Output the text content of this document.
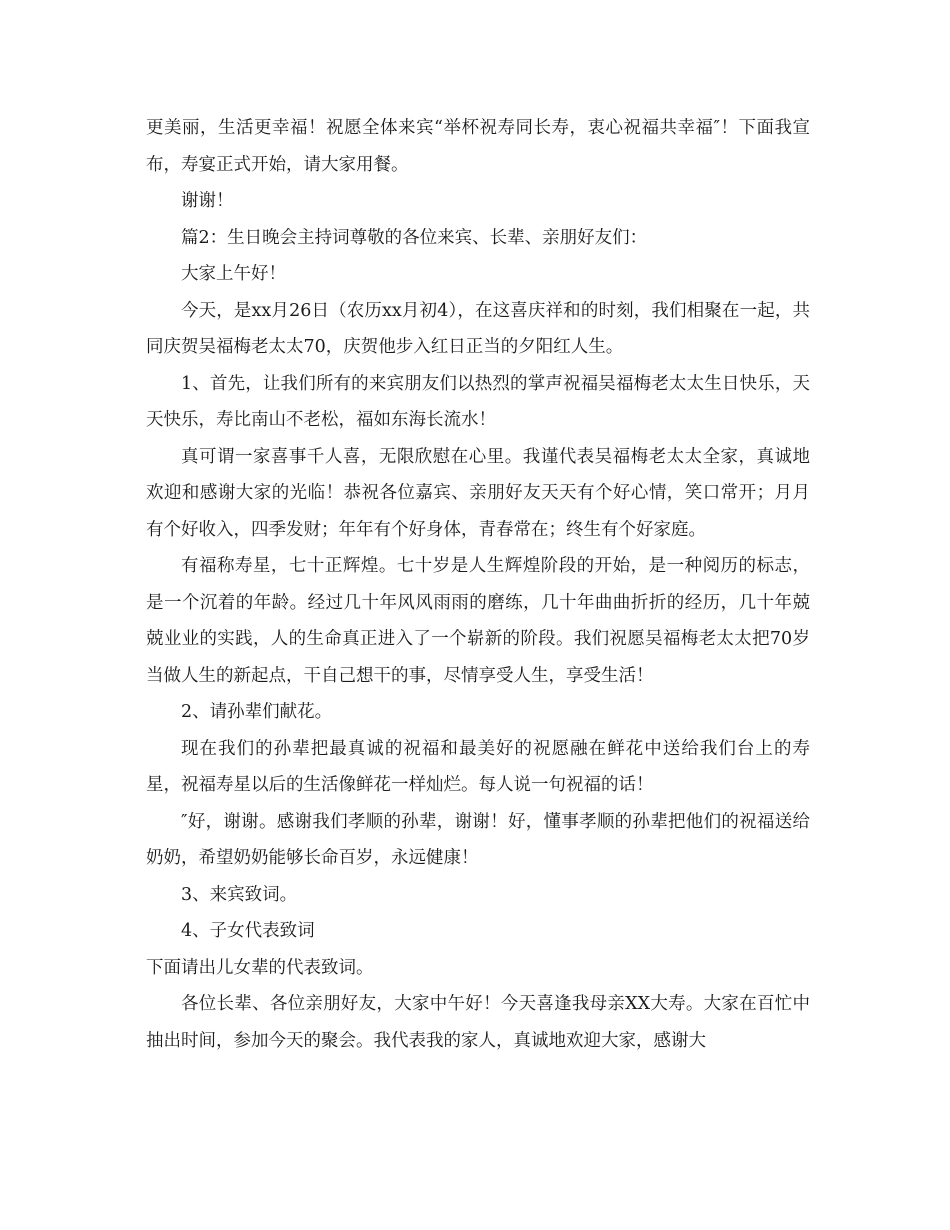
更美丽，生活更幸福！祝愿全体来宾“举杯祝寿同长寿，衷心祝福共幸福″！下面我宣布，寿宴正式开始，请大家用餐。

谢谢！

篇2：生日晚会主持词尊敬的各位来宾、长辈、亲朋好友们：

大家上午好！

今天，是xx月26日（农历xx月初4），在这喜庆祥和的时刻，我们相聚在一起，共同庆贺吴福梅老太太70，庆贺他步入红日正当的夕阳红人生。

1、首先，让我们所有的来宾朋友们以热烈的掌声祝福吴福梅老太太生日快乐，天天快乐，寿比南山不老松，福如东海长流水！

真可谓一家喜事千人喜，无限欣慰在心里。我谨代表吴福梅老太太全家，真诚地欢迎和感谢大家的光临！恭祝各位嘉宾、亲朋好友天天有个好心情，笑口常开；月月有个好收入，四季发财；年年有个好身体，青春常在；终生有个好家庭。

有福称寿星，七十正辉煌。七十岁是人生辉煌阶段的开始，是一种阅历的标志，是一个沉着的年龄。经过几十年风风雨雨的磨练，几十年曲曲折折的经历，几十年兢兢业业的实践，人的生命真正进入了一个崭新的阶段。我们祝愿吴福梅老太太把70岁当做人生的新起点，干自己想干的事，尽情享受人生，享受生活！

2、请孙辈们献花。

现在我们的孙辈把最真诚的祝福和最美好的祝愿融在鲜花中送给我们台上的寿星，祝福寿星以后的生活像鲜花一样灿烂。每人说一句祝福的话！

″好，谢谢。感谢我们孝顺的孙辈，谢谢！好，懂事孝顺的孙辈把他们的祝福送给奶奶，希望奶奶能够长命百岁，永远健康！

3、来宾致词。

4、子女代表致词

下面请出儿女辈的代表致词。

各位长辈、各位亲朋好友，大家中午好！今天喜逢我母亲XX大寿。大家在百忙中抽出时间，参加今天的聚会。我代表我的家人，真诚地欢迎大家，感谢大
